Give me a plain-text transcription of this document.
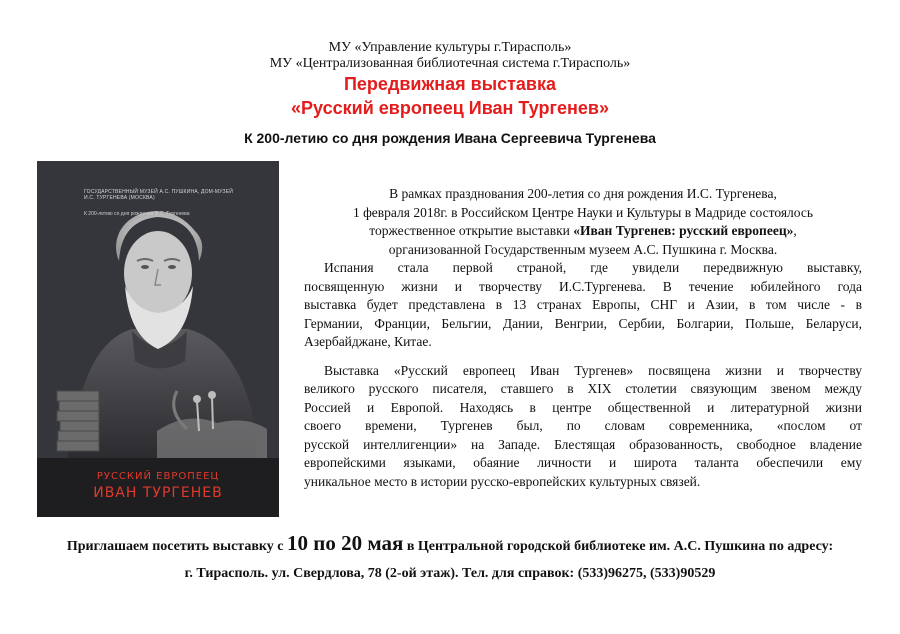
МУ «Управление культуры г.Тирасполь»
МУ «Централизованная библиотечная система г.Тирасполь»
Передвижная выставка
«Русский европеец Иван Тургенев»
К 200-летию со дня рождения Ивана Сергеевича Тургенева
ГОСУДАРСТВЕННЫЙ МУЗЕЙ А.С. ПУШКИНА, ДОМ-МУЗЕЙ И.С. ТУРГЕНЕВА (МОСКВА)
К 200-летию со дня рождения И.С. Тургенева
РУССКИЙ ЕВРОПЕЕЦ
ИВАН ТУРГЕНЕВ
В рамках празднования 200-летия со дня рождения И.С. Тургенева,
1 февраля 2018г. в Российском Центре Науки и Культуры в Мадриде состоялось
торжественное открытие выставки «Иван Тургенев: русский европеец»,
организованной Государственным музеем А.С. Пушкина г. Москва.
Испания стала первой страной, где увидели передвижную выставку,
посвященную жизни и творчеству И.С.Тургенева. В течение юбилейного года
выставка будет представлена в 13 странах Европы, СНГ и Азии, в том числе - в
Германии, Франции, Бельгии, Дании, Венгрии, Сербии, Болгарии, Польше, Беларуси,
Азербайджане, Китае.
Выставка «Русский европеец Иван Тургенев» посвящена жизни и творчеству
великого русского писателя, ставшего в XIX столетии связующим звеном между
Россией и Европой. Находясь в центре общественной и литературной жизни
своего времени, Тургенев был, по словам современника, «послом от
русской интеллигенции» на Западе. Блестящая образованность, свободное владение
европейскими языками, обаяние личности и широта таланта обеспечили ему
уникальное место в истории русско-европейских культурных связей.
Приглашаем посетить выставку с 10 по 20 мая в Центральной городской библиотеке им. А.С. Пушкина по адресу:
г. Тирасполь. ул. Свердлова, 78 (2-ой этаж). Тел. для справок: (533)96275, (533)90529
